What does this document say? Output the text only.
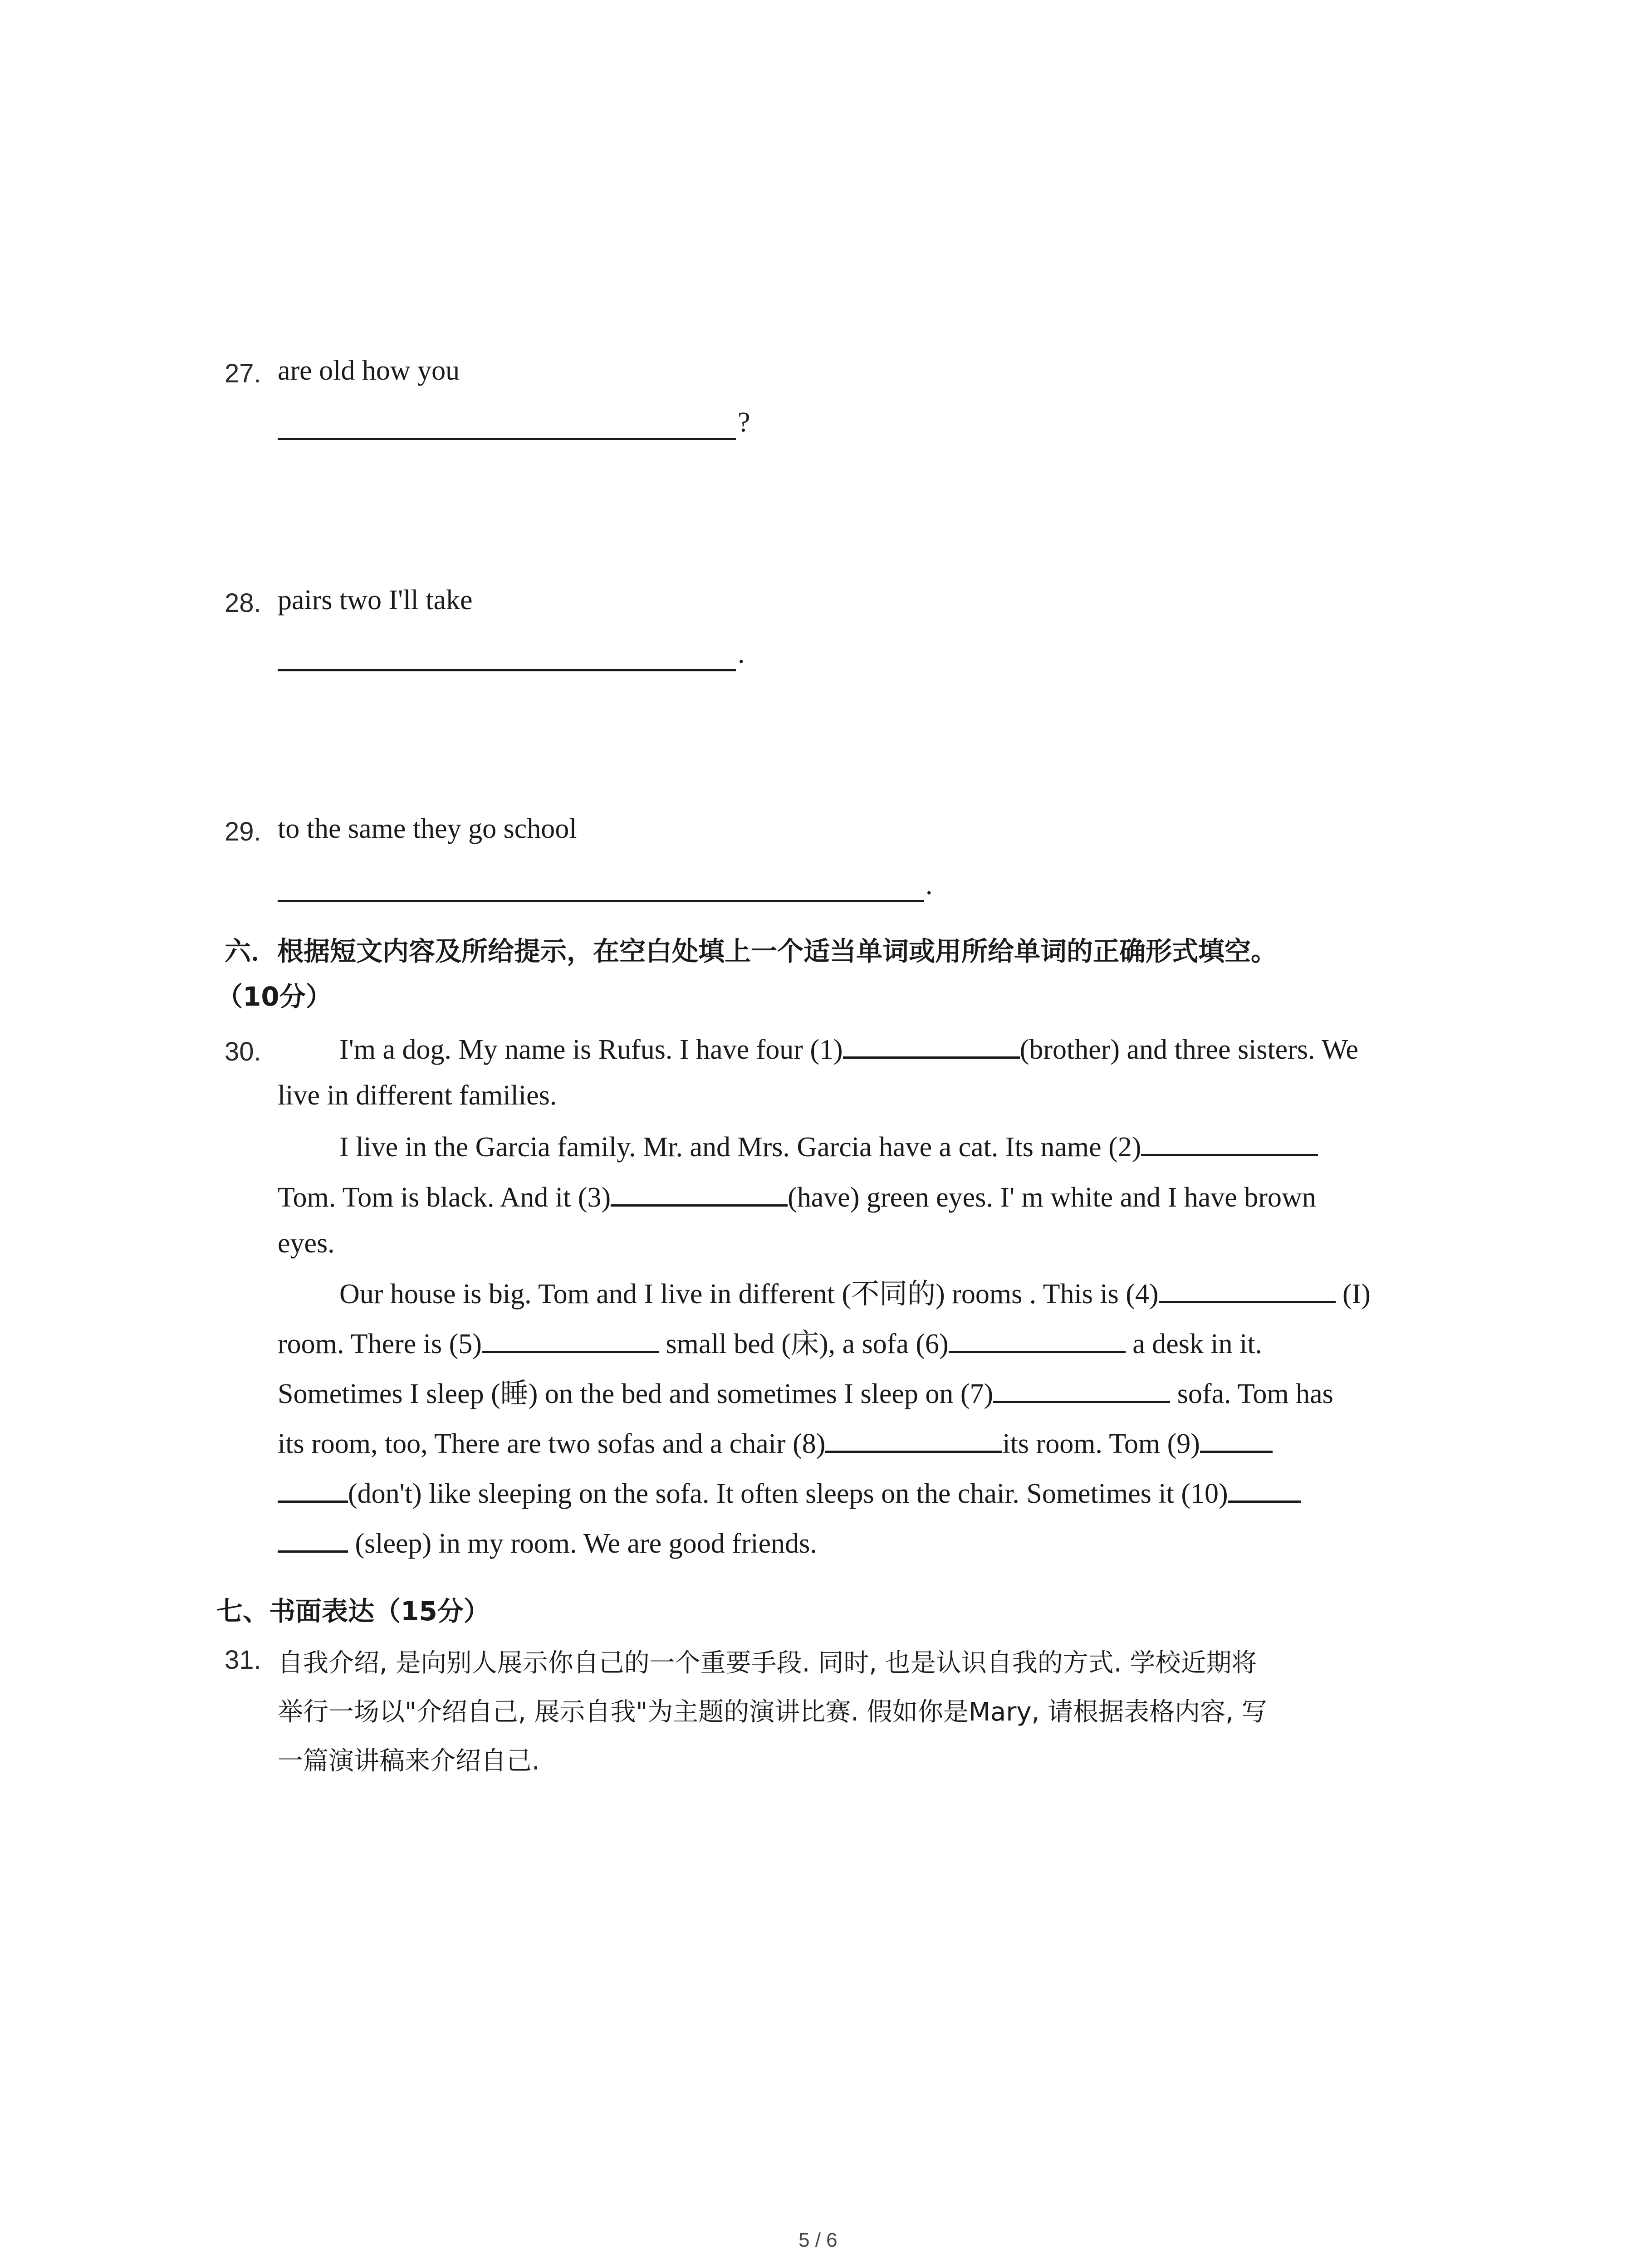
27. are old how you
?
28. pairs two I'll take
.
29. to the same they go school
.
六．根据短文内容及所给提示，在空白处填上一个适当单词或用所给单词的正确形式填空。
（10分）
30.	I'm a dog. My name is Rufus. I have four (1)	(brother) and three sisters. We
live in different families.
I live in the Garcia family. Mr. and Mrs. Garcia have a cat. Its name (2)
Tom. Tom is black. And it (3)	(have) green eyes. I' m white and I have brown
eyes.
Our house is big. Tom and I live in different (不同的) rooms . This is (4)	(I)
room. There is (5)	small bed (床), a sofa (6)	a desk in it.
Sometimes I sleep (睡) on the bed and sometimes I sleep on (7)	sofa. Tom has
its room, too, There are two sofas and a chair (8)	its room. Tom (9)
(don't) like sleeping on the sofa. It often sleeps on the chair. Sometimes it (10)
(sleep) in my room. We are good friends.
七、书面表达（15分）
31. 自我介绍, 是向别人展示你自己的一个重要手段. 同时, 也是认识自我的方式. 学校近期将
举行一场以"介绍自己, 展示自我"为主题的演讲比赛. 假如你是Mary, 请根据表格内容, 写
一篇演讲稿来介绍自己.
5 / 6
